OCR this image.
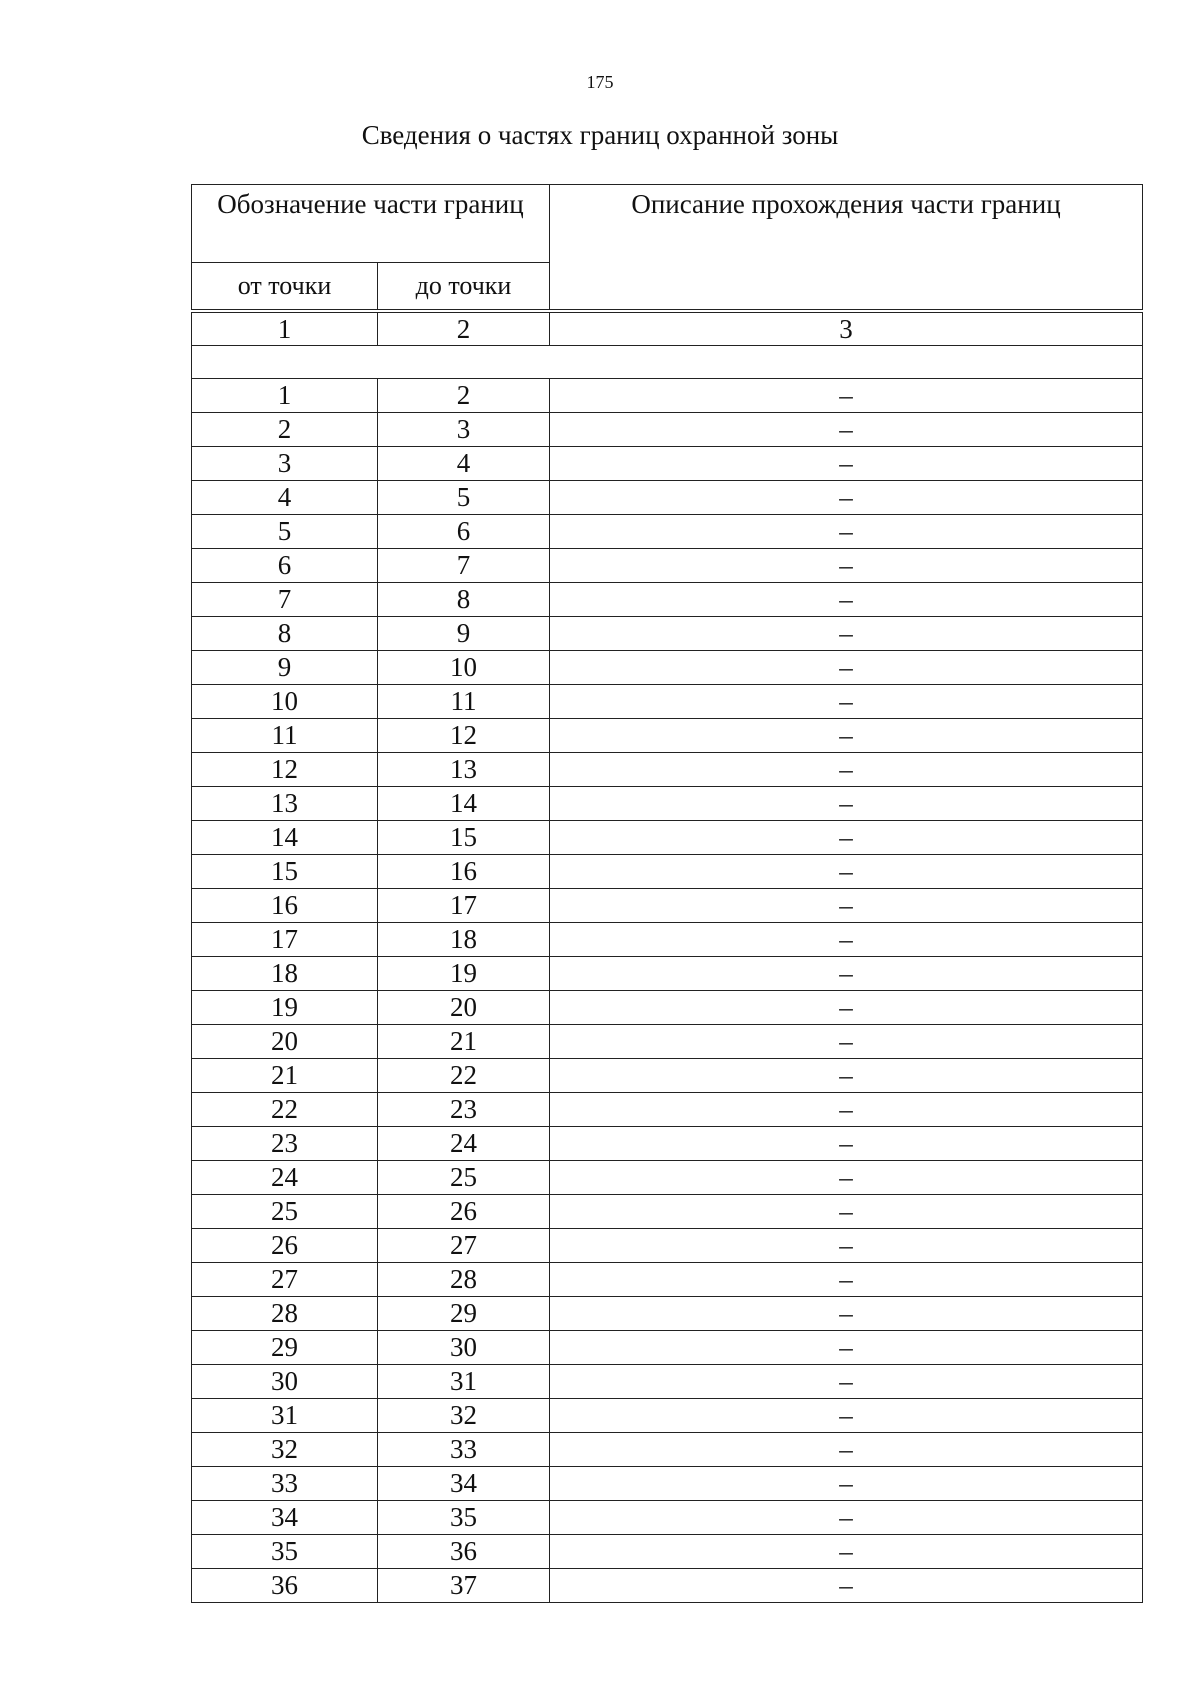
175
Сведения о частях границ охранной зоны
Обозначение части границ		Описание прохождения части границ
от точки	до точки	

1	2	3

1	2	–
2	3	–
3	4	–
4	5	–
5	6	–
6	7	–
7	8	–
8	9	–
9	10	–
10	11	–
11	12	–
12	13	–
13	14	–
14	15	–
15	16	–
16	17	–
17	18	–
18	19	–
19	20	–
20	21	–
21	22	–
22	23	–
23	24	–
24	25	–
25	26	–
26	27	–
27	28	–
28	29	–
29	30	–
30	31	–
31	32	–
32	33	–
33	34	–
34	35	–
35	36	–
36	37	–
